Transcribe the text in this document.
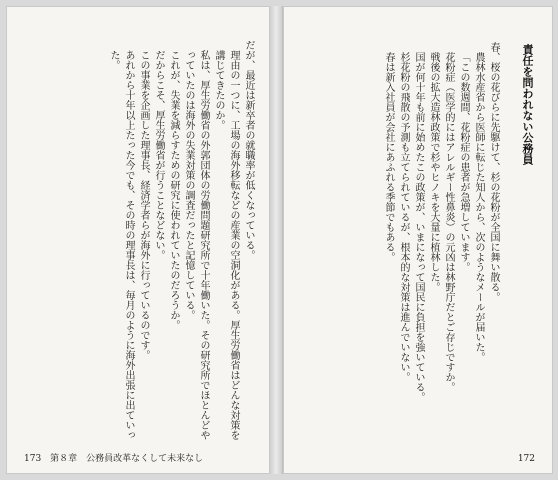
だが、最近は新卒者の就職率が低くなっている。

理由の一つに、工場の海外移転などの産業の空洞化がある。厚生労働省はどんな対策を講じてきたのか。

私は、厚生労働省の外郭団体の労働問題研究所で十年働いた。その研究所でほとんどやっていたのは海外の失業対策の調査だったと記憶している。

これが、失業を減らすための研究に使われていたのだろうか。

だからこそ、厚生労働省が行うことなどない。

この事業を企画した理事長、経済学者らが海外に行っているのです。

あれから十年以上たった今でも、その時の理事長は、毎月のように海外出張に出ていった。

173　第８章　公務員改革なくして未来なし
責任を問われない公務員

春、桜の花びらに先駆けて、杉の花粉が全国に舞い散る。

農林水産省から医師に転じた知人から、次のようなメールが届いた。

「この数週間、花粉症の患者が急増しています。

花粉症（医学的にはアレルギー性鼻炎）の元凶は林野庁だとご存じですか。

戦後の拡大造林政策で杉やヒノキを大量に植林した。

国が何十年も前に始めたこの政策が、いまになって国民に負担を強いている。

杉花粉の飛散の予測も立てられているが、根本的な対策は進んでいない。

春は新入社員が会社にあふれる季節でもある。

172
